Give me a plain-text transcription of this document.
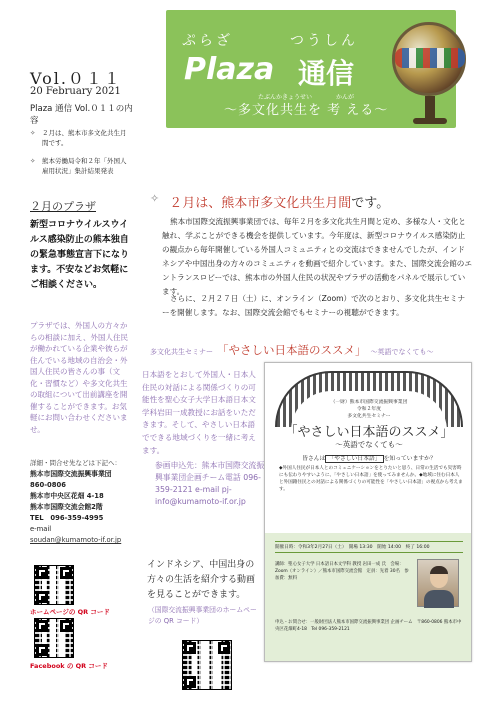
ぷらざ	つうしん
Plaza 通信
たぶんかきょうせい　　　　かんが
～多文化共生を 考 える～
Vol.０１１
20 February 2021
Plaza 通信 Vol.０１１の内容
✧	２月は、熊本市多文化共生月間です。
✧	熊本労働局令和２年「外国人雇用状況」集計結果発表
２月のプラザ
新型コロナウイルスウイルス感染防止の熊本独自の緊急事態宣言下になります。不安などお気軽にご相談ください。
プラザでは、外国人の方々からの相談に加え、外国人住民が働かれている企業や彼らが住んでいる地域の自治会・外国人住民の皆さんの事（文化・習慣など）や多文化共生の取組について出前講座を開催することができます。お気軽にお問い合わせくださいませ。
詳細・問合せ先などは下記へ：
熊本市国際交流振興事業団
860-0806
熊本市中央区花畑 4-18
熊本市国際交流会館2階
TEL　096-359-4995
e-mail
soudan@kumamoto-if.or.jp
ホームページの QR コード
Facebook の QR コード
✧ ２月は、熊本市多文化共生月間 です。
熊本市国際交流振興事業団では、毎年２月を多文化共生月間と定め、多様な人・文化と触れ、学ぶことができる機会を提供しています。今年度は、新型コロナウイルス感染防止の観点から毎年開催している外国人コミュニティとの交流はできませんでしたが、インドネシアや中国出身の方々のコミュニティを動画で紹介しています。また、国際交流会館のエントランスロビーでは、熊本市の外国人住民の状況やプラザの活動をパネルで展示しています。
さらに、２月２７日（土）に、オンライン（Zoom）で次のとおり、多文化共生セミナーを開催します。なお、国際交流会館でもセミナーの視聴ができます。
多文化共生セミナー 「やさしい日本語のススメ」 ～英語でなくても～
日本語をとおして外国人・日本人住民の対話による関係づくりの可能性を聖心女子大学日本語日本文学科岩田一成教授にお話をいただきます。そして、やさしい日本語でできる地域づくりを一緒に考えます。
参画申込先：熊本市国際交流振興事業団企画チーム電話 096-359-2121 e-mail pj-info@kumamoto-if.or.jp
インドネシア、中国出身の方々の生活を紹介する動画を見ることができます。
（国際交流振興事業団のホームページの QR コード）
（一財）熊本市国際交流振興事業団
令和２年度
多文化共生セミナー
「やさしい日本語のススメ」
～英語でなくても～
皆さんは 「やさしい日本語」 を知っていますか？
◆外国人住民が日本人とのコミュニケーションをとりたいと思う、日常の生活でも災害時にも伝わりやすいように、「やさしい日本語」を使ってみませんか。◆地域に住む日本人と外国籍住民との対話による関係づくりの可能性を「やさしい日本語」の視点から考えます。
開催日時：令和3年2月27日（土）　開場 13:30　開始 14:00　終了 16:00
講師：聖心女子大学 日本語日本文学科 教授 岩田一成 氏　会場：Zoom（オンライン）／熊本市国際交流会館　定員：先着 30名　参加費：無料
申込・お問合せ：一般財団法人熊本市国際交流振興事業団 企画チーム　〒860-0806 熊本市中央区花畑町4-18　Tel 096-359-2121
